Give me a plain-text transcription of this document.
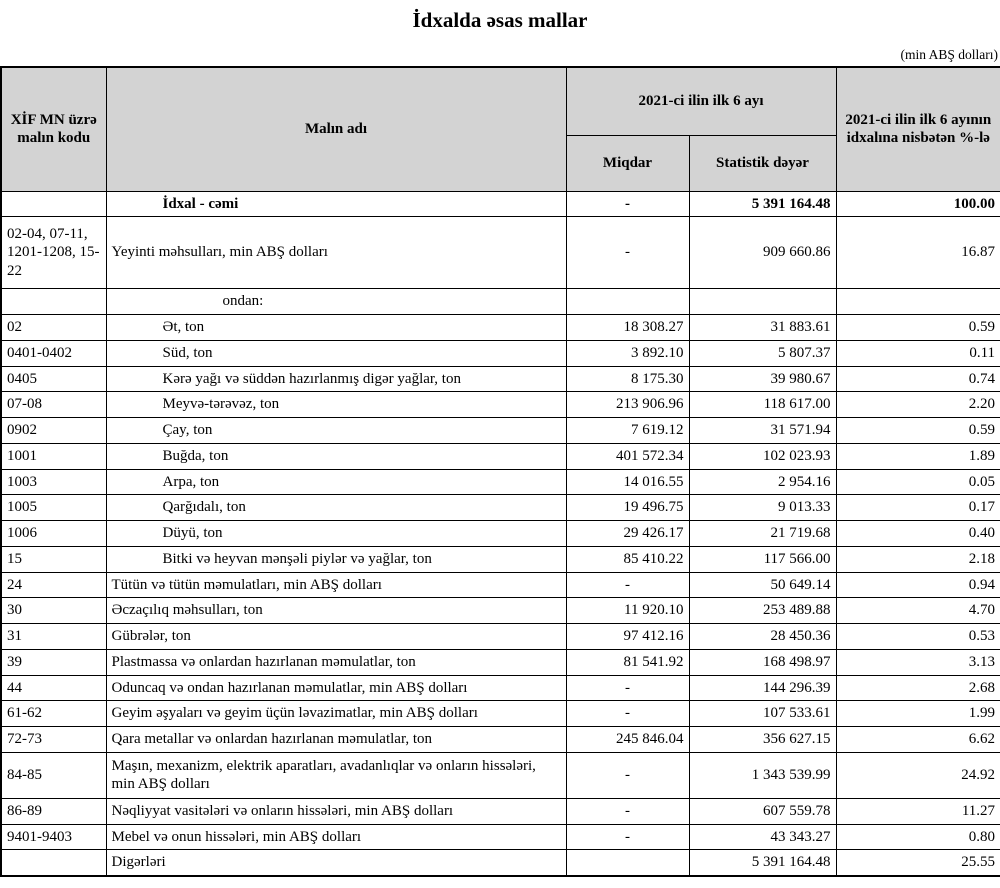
İdxalda əsas mallar
(min ABŞ dolları)
XİF MN üzrə malın kodu	Malın adı	2021-ci ilin ilk 6 ayı		2021-ci ilin ilk 6 ayının idxalına nisbətən %-lə
		Miqdar	Statistik dəyər	
	İdxal - cəmi	-	5 391 164.48	100.00
02-04, 07-11, 1201-1208, 15-22	Yeyinti məhsulları, min ABŞ dolları	-	909 660.86	16.87
	ondan:			
02	Ət, ton	18 308.27	31 883.61	0.59
0401-0402	Süd, ton	3 892.10	5 807.37	0.11
0405	Kərə yağı və süddən hazırlanmış digər yağlar, ton	8 175.30	39 980.67	0.74
07-08	Meyvə-tərəvəz, ton	213 906.96	118 617.00	2.20
0902	Çay, ton	7 619.12	31 571.94	0.59
1001	Buğda, ton	401 572.34	102 023.93	1.89
1003	Arpa, ton	14 016.55	2 954.16	0.05
1005	Qarğıdalı, ton	19 496.75	9 013.33	0.17
1006	Düyü, ton	29 426.17	21 719.68	0.40
15	Bitki və heyvan mənşəli piylər və yağlar, ton	85 410.22	117 566.00	2.18
24	Tütün və tütün məmulatları, min ABŞ dolları	-	50 649.14	0.94
30	Əczaçılıq məhsulları, ton	11 920.10	253 489.88	4.70
31	Gübrələr, ton	97 412.16	28 450.36	0.53
39	Plastmassa və onlardan hazırlanan məmulatlar, ton	81 541.92	168 498.97	3.13
44	Oduncaq və ondan hazırlanan məmulatlar, min ABŞ dolları	-	144 296.39	2.68
61-62	Geyim əşyaları və geyim üçün ləvazimatlar, min ABŞ dolları	-	107 533.61	1.99
72-73	Qara metallar və onlardan hazırlanan məmulatlar, ton	245 846.04	356 627.15	6.62
84-85	Maşın, mexanizm, elektrik aparatları, avadanlıqlar və onların hissələri, min ABŞ dolları	-	1 343 539.99	24.92
86-89	Nəqliyyat vasitələri və onların hissələri, min ABŞ dolları	-	607 559.78	11.27
9401-9403	Mebel və onun hissələri, min ABŞ dolları	-	43 343.27	0.80
	Digərləri		5 391 164.48	25.55
